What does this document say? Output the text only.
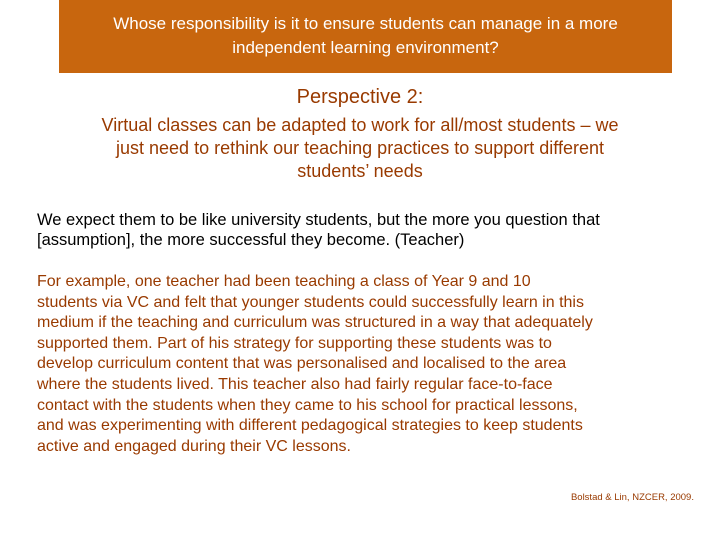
Whose responsibility is it to ensure students can manage in a more
independent learning environment?
Perspective 2:
Virtual classes can be adapted to work for all/most students – we
just need to rethink our teaching practices to support different
students’ needs
We expect them to be like university students, but the more you question that
[assumption], the more successful they become. (Teacher)
For example, one teacher had been teaching a class of Year 9 and 10
students via VC and felt that younger students could successfully learn in this
medium if the teaching and curriculum was structured in a way that adequately
supported them. Part of his strategy for supporting these students was to
develop curriculum content that was personalised and localised to the area
where the students lived. This teacher also had fairly regular face-to-face
contact with the students when they came to his school for practical lessons,
and was experimenting with different pedagogical strategies to keep students
active and engaged during their VC lessons.
Bolstad & Lin, NZCER, 2009.
